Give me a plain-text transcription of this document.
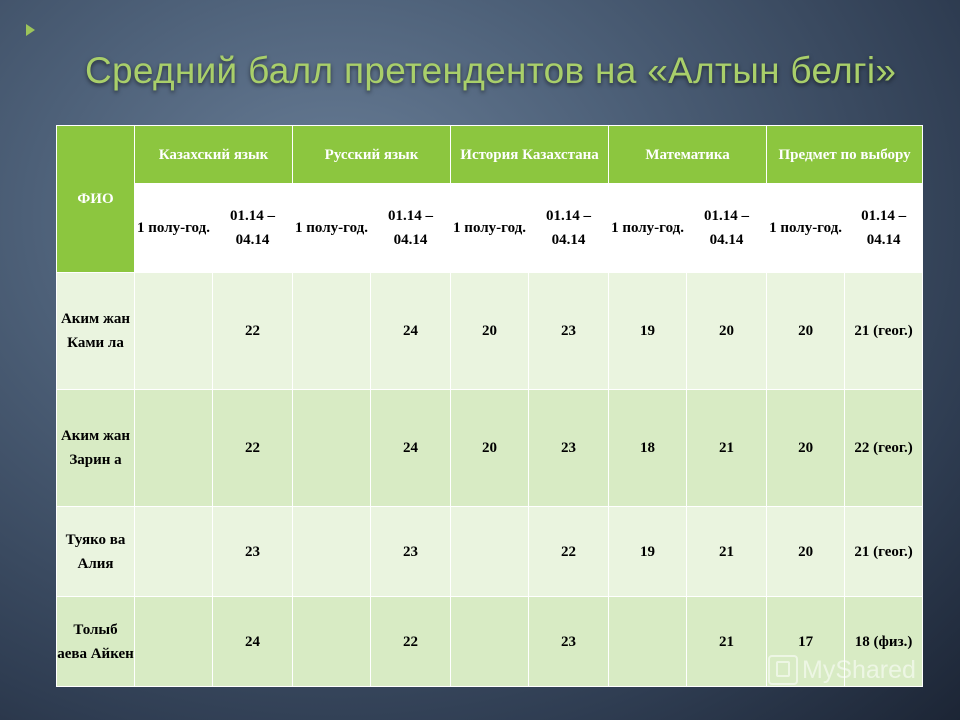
Средний балл претендентов на «Алтын белгі»
ФИО	Казахский язык		Русский язык		История Казахстана		Математика		Предмет по выбору	
	1 полу-год.	01.14 – 04.14	1 полу-год.	01.14 – 04.14	1 полу-год.	01.14 – 04.14	1 полу-год.	01.14 – 04.14	1 полу-год.	01.14 – 04.14
Аким жан Ками ла		22		24	20	23	19	20	20	21 (геог.)
Аким жан Зарин а		22		24	20	23	18	21	20	22 (геог.)
Туяко ва Алия		23		23		22	19	21	20	21 (геог.)
Толыб аева Айкен		24		22		23		21	17	18 (физ.)
MyShared
